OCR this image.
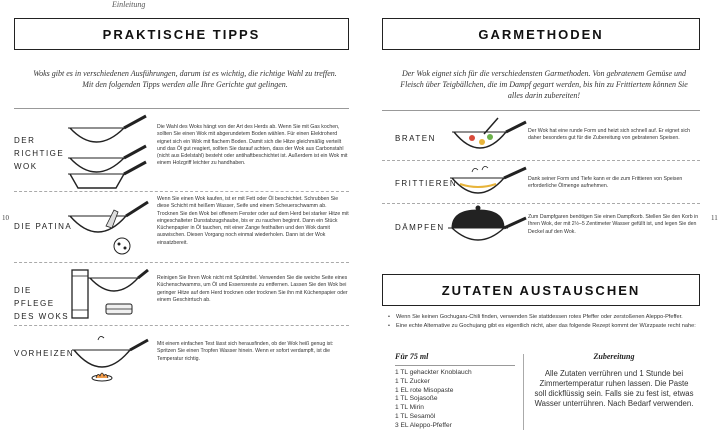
Einleitung
PRAKTISCHE TIPPS
Woks gibt es in verschiedenen Ausführungen, darum ist es wichtig, die richtige Wahl zu treffen. Mit den folgenden Tipps werden alle Ihre Gerichte gut gelingen.
DER RICHTIGE WOK
Die Wahl des Woks hängt von der Art des Herds ab. Wenn Sie mit Gas kochen, sollten Sie einen Wok mit abgerundetem Boden wählen. Für einen Elektroherd eignet sich ein Wok mit flachem Boden. Damit sich die Hitze gleichmäßig verteilt und das Öl gut reagiert, sollten Sie darauf achten, dass der Wok aus Carbonstahl (nicht aus Edelstahl) besteht oder antihaftbeschichtet ist. Außerdem ist ein Wok mit einem Holzgriff leichter zu handhaben.
DIE PATINA
Wenn Sie einen Wok kaufen, ist er mit Fett oder Öl beschichtet. Schrubben Sie diese Schicht mit heißem Wasser, Seife und einem Scheuerschwamm ab. Trocknen Sie den Wok bei offenem Fenster oder auf dem Herd bei starker Hitze mit eingeschalteter Dunstabzugshaube, bis er zu rauchen beginnt. Dann ein Stück Küchenpapier in Öl tauchen, mit einer Zange festhalten und den Wok damit auswischen. Diesen Vorgang noch einmal wiederholen. Dann ist der Wok einsatzbereit.
DIE PFLEGE DES WOKS
Reinigen Sie Ihren Wok nicht mit Spülmittel. Verwenden Sie die weiche Seite eines Küchenschwamms, um Öl und Essensreste zu entfernen. Lassen Sie den Wok bei geringer Hitze auf dem Herd trocknen oder trocknen Sie ihn mit Küchenpapier oder einem Geschirrtuch ab.
VORHEIZEN
Mit einem einfachen Test lässt sich herausfinden, ob der Wok heiß genug ist: Spritzen Sie einen Tropfen Wasser hinein. Wenn er sofort verdampft, ist die Temperatur richtig.
10
GARMETHODEN
Der Wok eignet sich für die verschiedensten Garmethoden. Von gebratenem Gemüse und Fleisch über Teigbällchen, die im Dampf gegart werden, bis hin zu Frittiertem können Sie alles darin zubereiten!
BRATEN
Der Wok hat eine runde Form und heizt sich schnell auf. Er eignet sich daher besonders gut für die Zubereitung von gebratenen Speisen.
FRITTIEREN	Dank seiner Form und Tiefe kann er die zum Frittieren von Speisen erforderliche Ölmenge aufnehmen.
DÄMPFEN
Zum Dampfgaren benötigen Sie einen Dampfkorb. Stellen Sie den Korb in Ihren Wok, der mit 2½–5 Zentimeter Wasser gefüllt ist, und legen Sie den Deckel auf den Wok.
11
ZUTATEN AUSTAUSCHEN
•	Wenn Sie keinen Gochugaru-Chili finden, verwenden Sie stattdessen rotes Pfeffer oder zerstoßenen Aleppo-Pfeffer.
•	Eine echte Alternative zu Gochujang gibt es eigentlich nicht, aber das folgende Rezept kommt der Würzpaste recht nahe:
Für 75 ml
1 TL gehackter Knoblauch
1 TL Zucker
1 EL rote Misopaste
1 TL Sojasoße
1 TL Mirin
1 TL Sesamöl
3 EL Aleppo-Pfeffer
Zubereitung
Alle Zutaten verrühren und 1 Stunde bei Zimmertemperatur ruhen lassen. Die Paste soll dickflüssig sein. Falls sie zu fest ist, etwas Wasser unterrühren. Nach Bedarf verwenden.
